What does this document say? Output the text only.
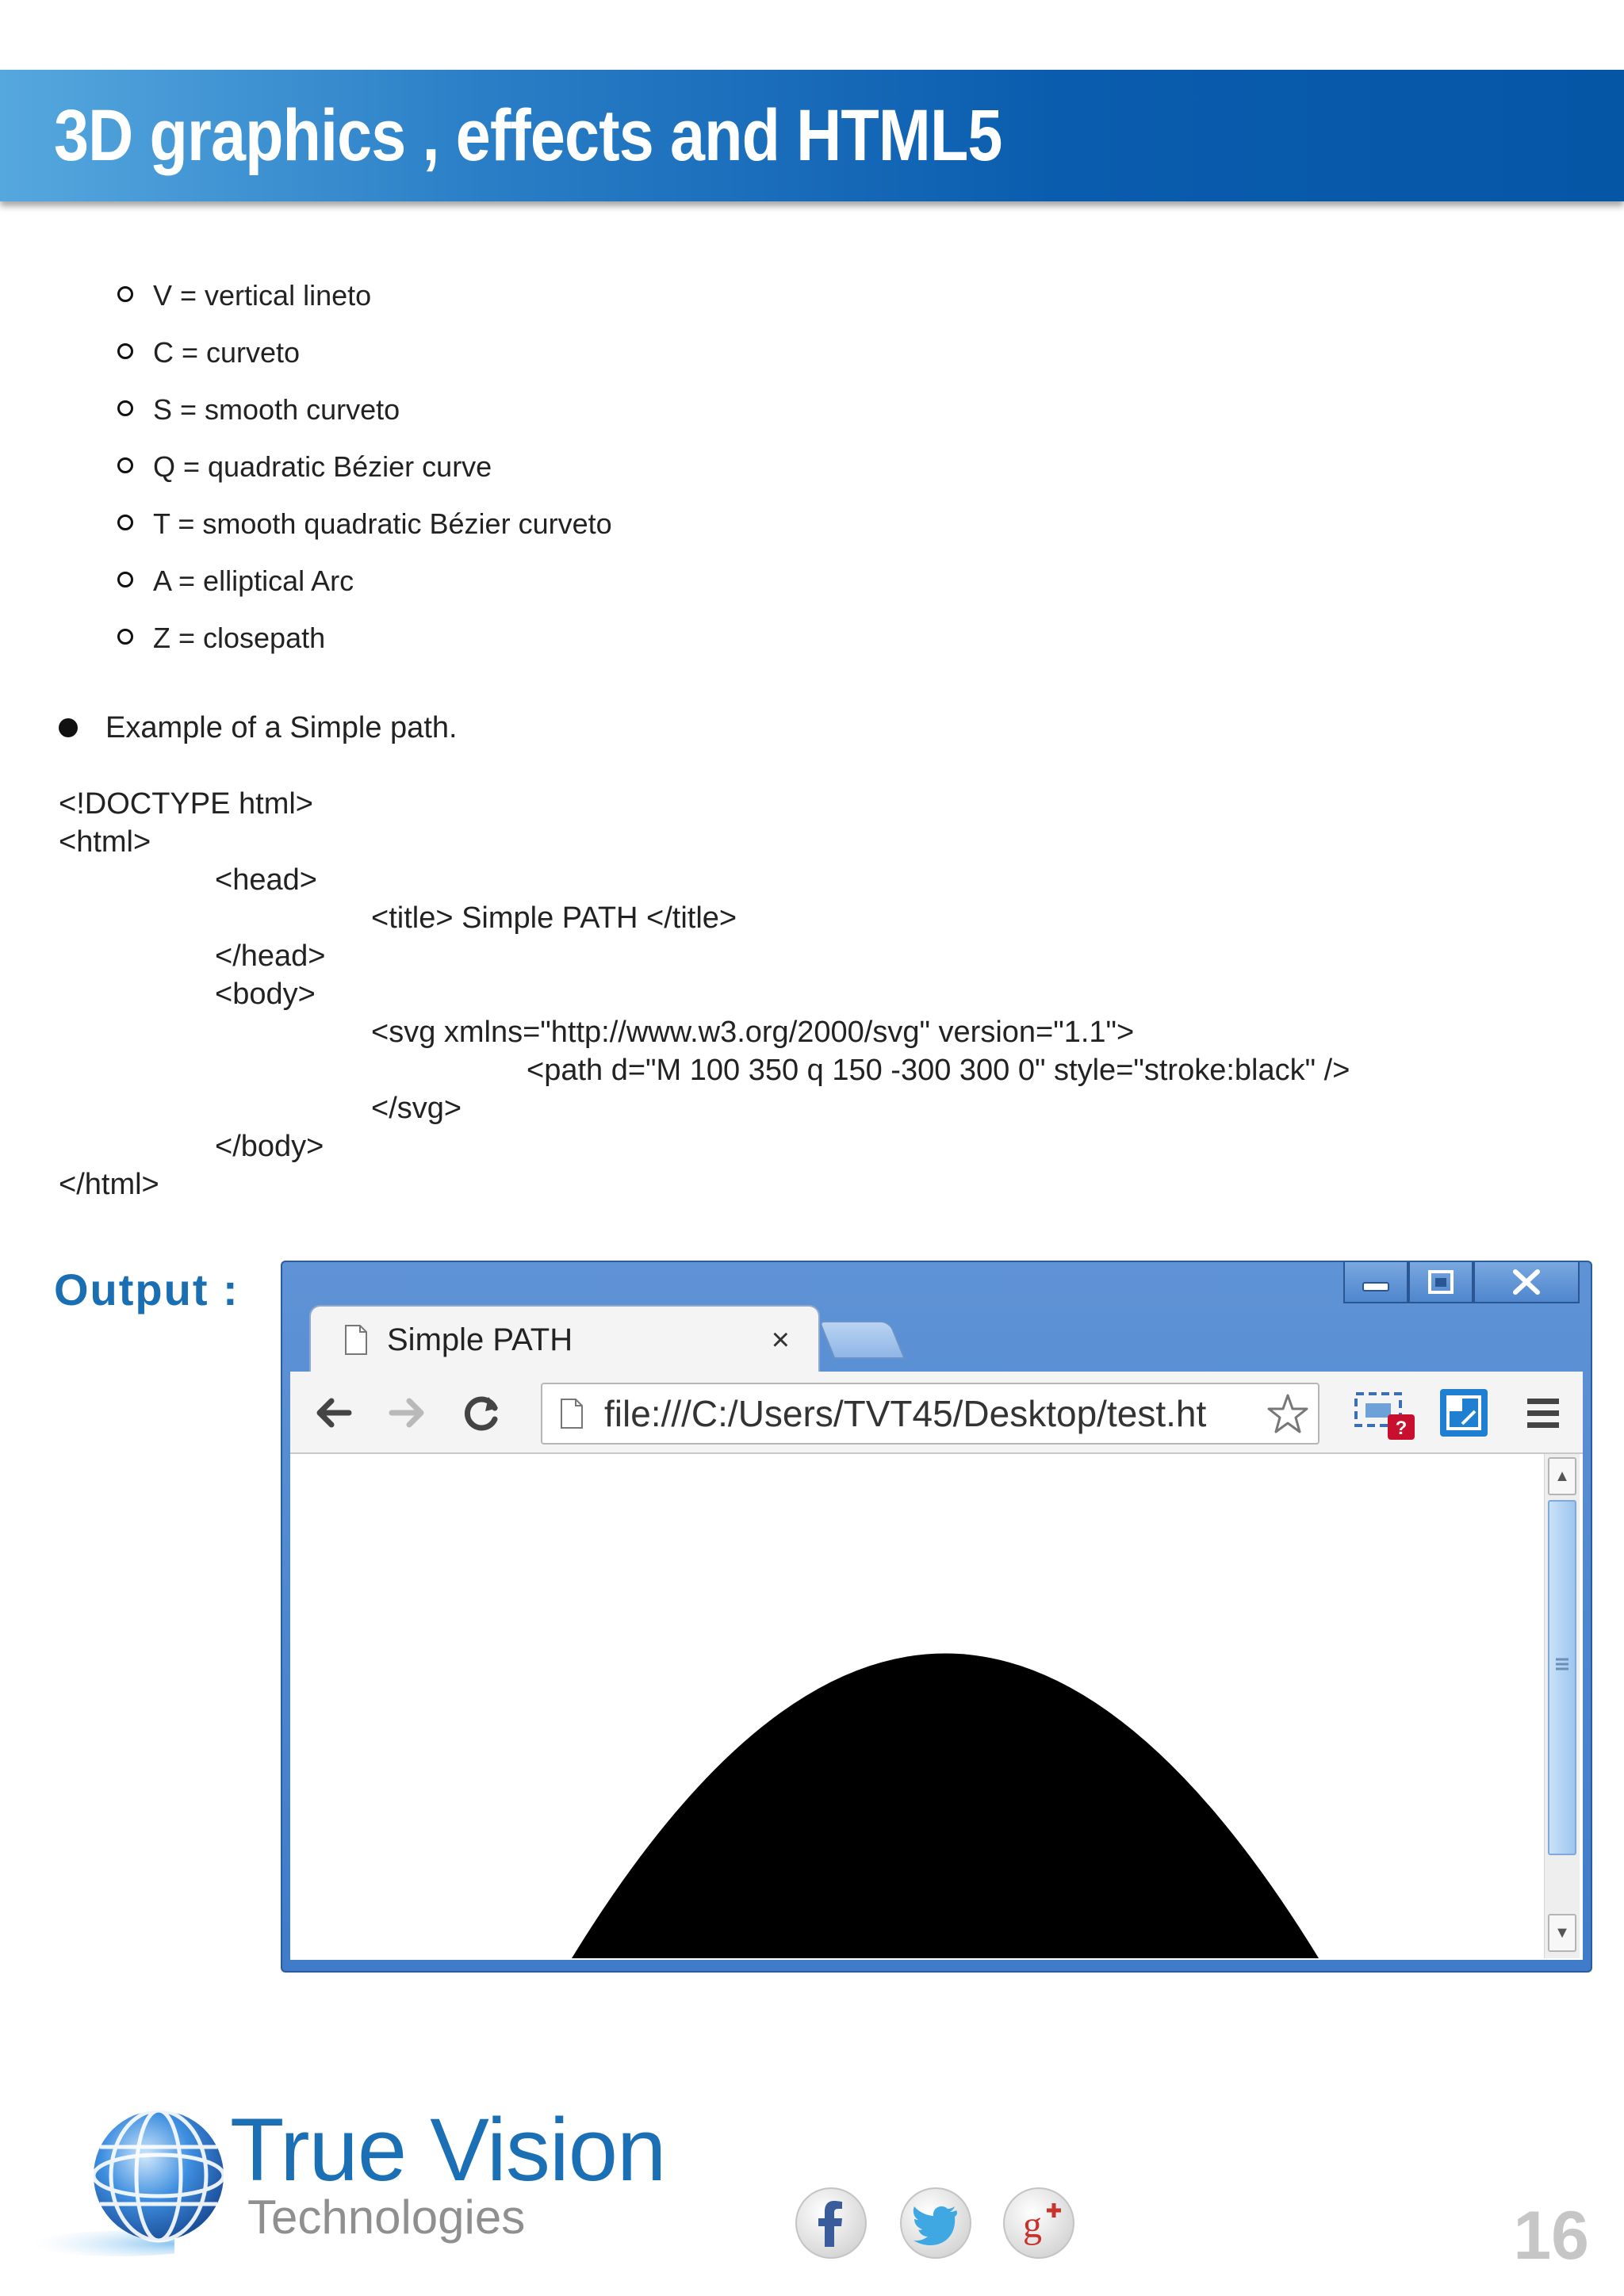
3D graphics , effects and HTML5
V = vertical lineto
C = curveto
S = smooth curveto
Q = quadratic Bézier curve
T = smooth quadratic Bézier curveto
A = elliptical Arc
Z = closepath
Example of a Simple path.
<!DOCTYPE html>
<html>
<head>
<title> Simple PATH </title>
</head>
<body>
<svg xmlns="http://www.w3.org/2000/svg" version="1.1">
<path d="M 100 350 q 150 -300 300 0" style="stroke:black" />
</svg>
</body>
</html>
Output :
Simple PATH	×
file:///C:/Users/TVT45/Desktop/test.ht	?
▲
▼
True Vision
Technologies	g	16
